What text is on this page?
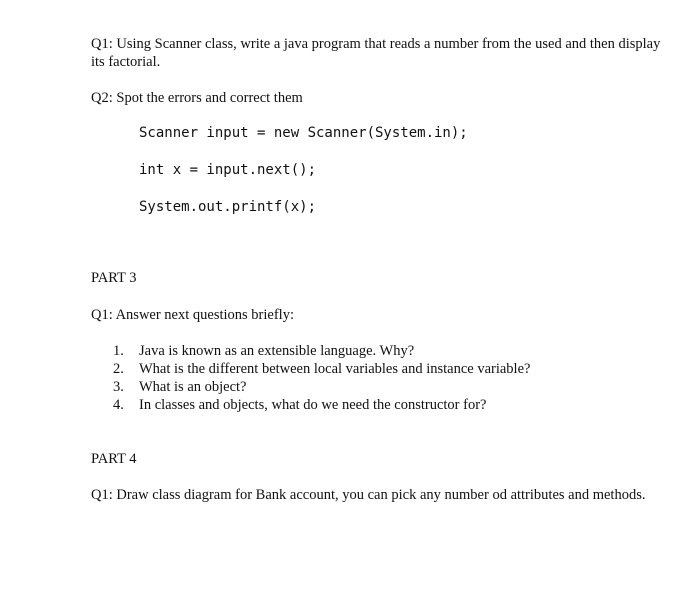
Q1: Using Scanner class, write a java program that reads a number from the used and then display its factorial.
Q2: Spot the errors and correct them
Scanner input = new Scanner(System.in);
int x = input.next();
System.out.printf(x);
PART 3
Q1: Answer next questions briefly:
1.	Java is known as an extensible language. Why?
2.	What is the different between local variables and instance variable?
3.	What is an object?
4.	In classes and objects, what do we need the constructor for?
PART 4
Q1: Draw class diagram for Bank account, you can pick any number od attributes and methods.
